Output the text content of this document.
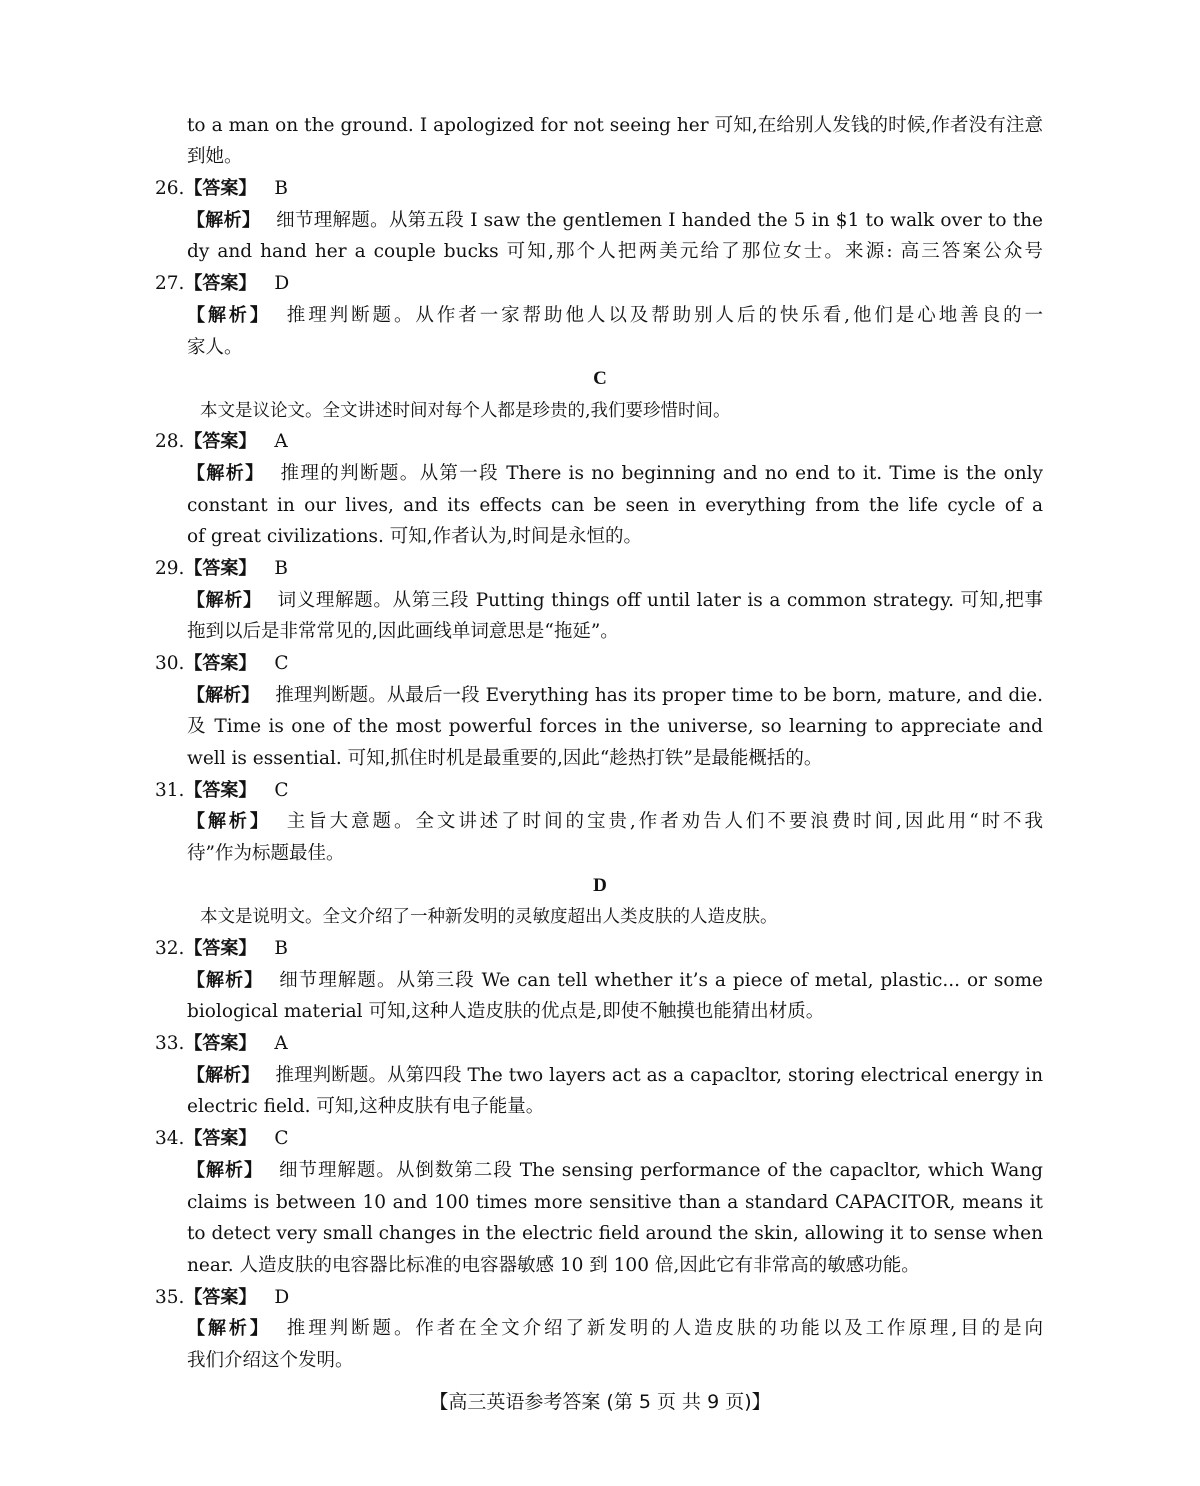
to a man on the ground. I apologized for not seeing her 可知,在给别人发钱的时候,作者没有注意
到她。
26.【答案】 B
【解析】 细节理解题。从第五段 I saw the gentlemen I handed the 5 in $1 to walk over to the
dy and hand her a couple bucks 可知,那个人把两美元给了那位女士。来源: 高三答案公众号
27.【答案】 D
【解析】 推理判断题。从作者一家帮助他人以及帮助别人后的快乐看,他们是心地善良的一
家人。
C
本文是议论文。全文讲述时间对每个人都是珍贵的,我们要珍惜时间。
28.【答案】 A
【解析】 推理的判断题。从第一段 There is no beginning and no end to it. Time is the only
constant in our lives, and its effects can be seen in everything from the life cycle of a
of great civilizations. 可知,作者认为,时间是永恒的。
29.【答案】 B
【解析】 词义理解题。从第三段 Putting things off until later is a common strategy. 可知,把事
拖到以后是非常常见的,因此画线单词意思是“拖延”。
30.【答案】 C
【解析】 推理判断题。从最后一段 Everything has its proper time to be born, mature, and die.
及 Time is one of the most powerful forces in the universe, so learning to appreciate and
well is essential. 可知,抓住时机是最重要的,因此“趁热打铁”是最能概括的。
31.【答案】 C
【解析】 主旨大意题。全文讲述了时间的宝贵,作者劝告人们不要浪费时间,因此用“时不我
待”作为标题最佳。
D
本文是说明文。全文介绍了一种新发明的灵敏度超出人类皮肤的人造皮肤。
32.【答案】 B
【解析】 细节理解题。从第三段 We can tell whether it’s a piece of metal, plastic... or some
biological material 可知,这种人造皮肤的优点是,即使不触摸也能猜出材质。
33.【答案】 A
【解析】 推理判断题。从第四段 The two layers act as a capacltor, storing electrical energy in
electric field. 可知,这种皮肤有电子能量。
34.【答案】 C
【解析】 细节理解题。从倒数第二段 The sensing performance of the capacltor, which Wang
claims is between 10 and 100 times more sensitive than a standard CAPACITOR, means it
to detect very small changes in the electric field around the skin, allowing it to sense when
near. 人造皮肤的电容器比标准的电容器敏感 10 到 100 倍,因此它有非常高的敏感功能。
35.【答案】 D
【解析】 推理判断题。作者在全文介绍了新发明的人造皮肤的功能以及工作原理,目的是向
我们介绍这个发明。
【高三英语参考答案 (第 5 页 共 9 页)】
